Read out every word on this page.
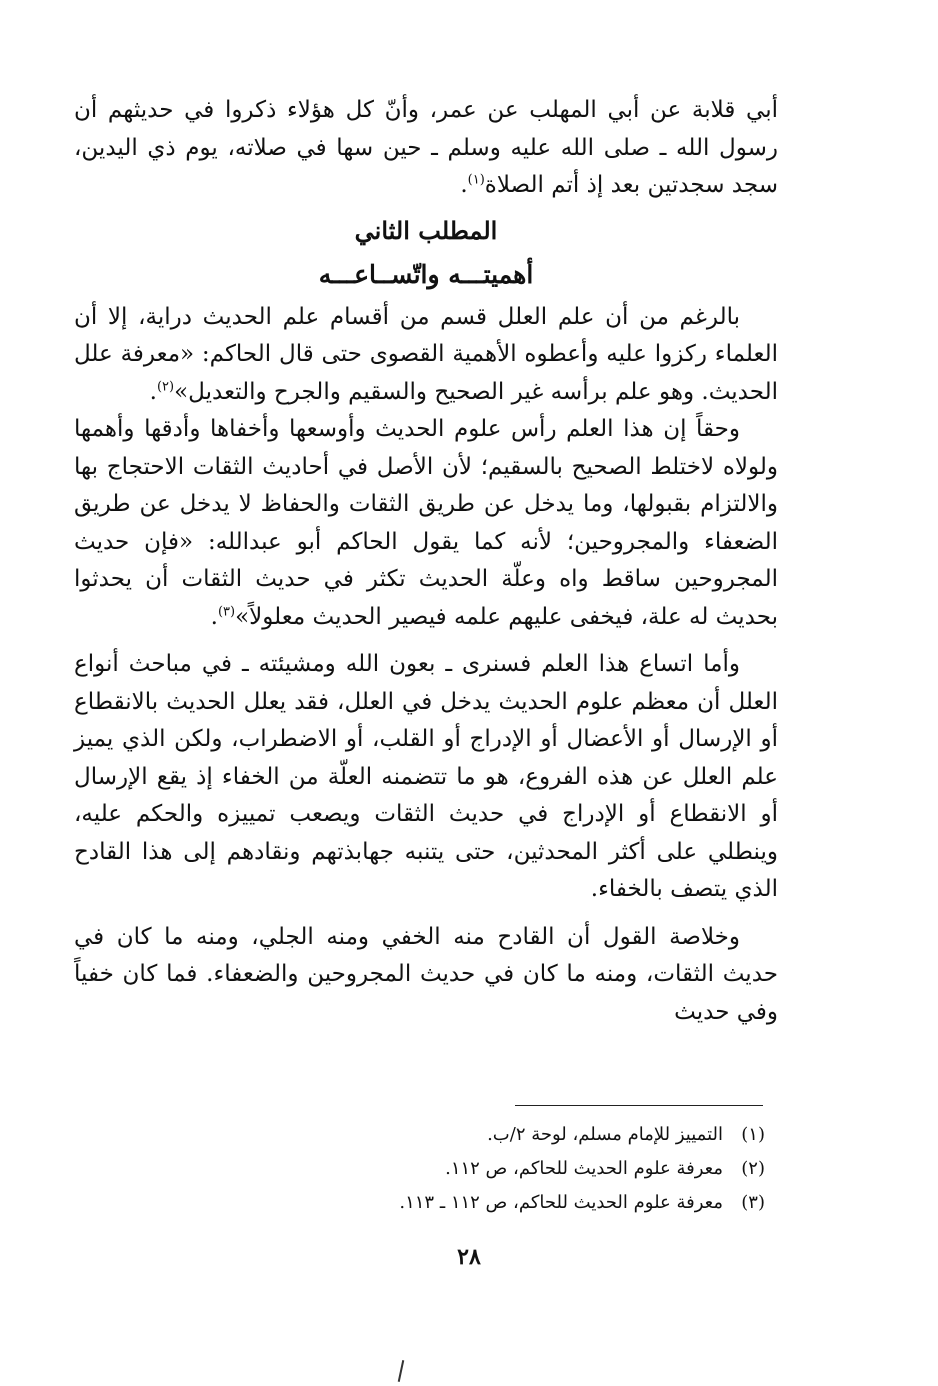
أبي قلابة عن أبي المهلب عن عمر، وأنّ كل هؤلاء ذكروا في حديثهم أن رسول الله ـ صلى الله عليه وسلم ـ حين سها في صلاته، يوم ذي اليدين، سجد سجدتين بعد إذ أتم الصلاة$^{(١)}$.

المطلب الثاني
أهميتـــه واتّســاعـــه

بالرغم من أن علم العلل قسم من أقسام علم الحديث دراية، إلا أن العلماء ركزوا عليه وأعطوه الأهمية القصوى حتى قال الحاكم: «معرفة علل الحديث. وهو علم برأسه غير الصحيح والسقيم والجرح والتعديل»$^{(٢)}$.

وحقاً إن هذا العلم رأس علوم الحديث وأوسعها وأخفاها وأدقها وأهمها ولولاه لاختلط الصحيح بالسقيم؛ لأن الأصل في أحاديث الثقات الاحتجاج بها والالتزام بقبولها، وما يدخل عن طريق الثقات والحفاظ لا يدخل عن طريق الضعفاء والمجروحين؛ لأنه كما يقول الحاكم أبو عبدالله: «فإن حديث المجروحين ساقط واه وعلّة الحديث تكثر في حديث الثقات أن يحدثوا بحديث له علة، فيخفى عليهم علمه فيصير الحديث معلولاً»$^{(٣)}$.

وأما اتساع هذا العلم فسنرى ـ بعون الله ومشيئته ـ في مباحث أنواع العلل أن معظم علوم الحديث يدخل في العلل، فقد يعلل الحديث بالانقطاع أو الإرسال أو الأعضال أو الإدراج أو القلب، أو الاضطراب، ولكن الذي يميز علم العلل عن هذه الفروع، هو ما تتضمنه العلّة من الخفاء إذ يقع الإرسال أو الانقطاع أو الإدراج في حديث الثقات ويصعب تمييزه والحكم عليه، وينطلي على أكثر المحدثين، حتى يتنبه جهابذتهم ونقادهم إلى هذا القادح الذي يتصف بالخفاء.

وخلاصة القول أن القادح منه الخفي ومنه الجلي، ومنه ما كان في حديث الثقات، ومنه ما كان في حديث المجروحين والضعفاء. فما كان خفياً وفي حديث

(١)التمييز للإمام مسلم، لوحة ٢/ب.

(٢)معرفة علوم الحديث للحاكم، ص ١١٢.

(٣)معرفة علوم الحديث للحاكم، ص ١١٢ ـ ١١٣.

٢٨
